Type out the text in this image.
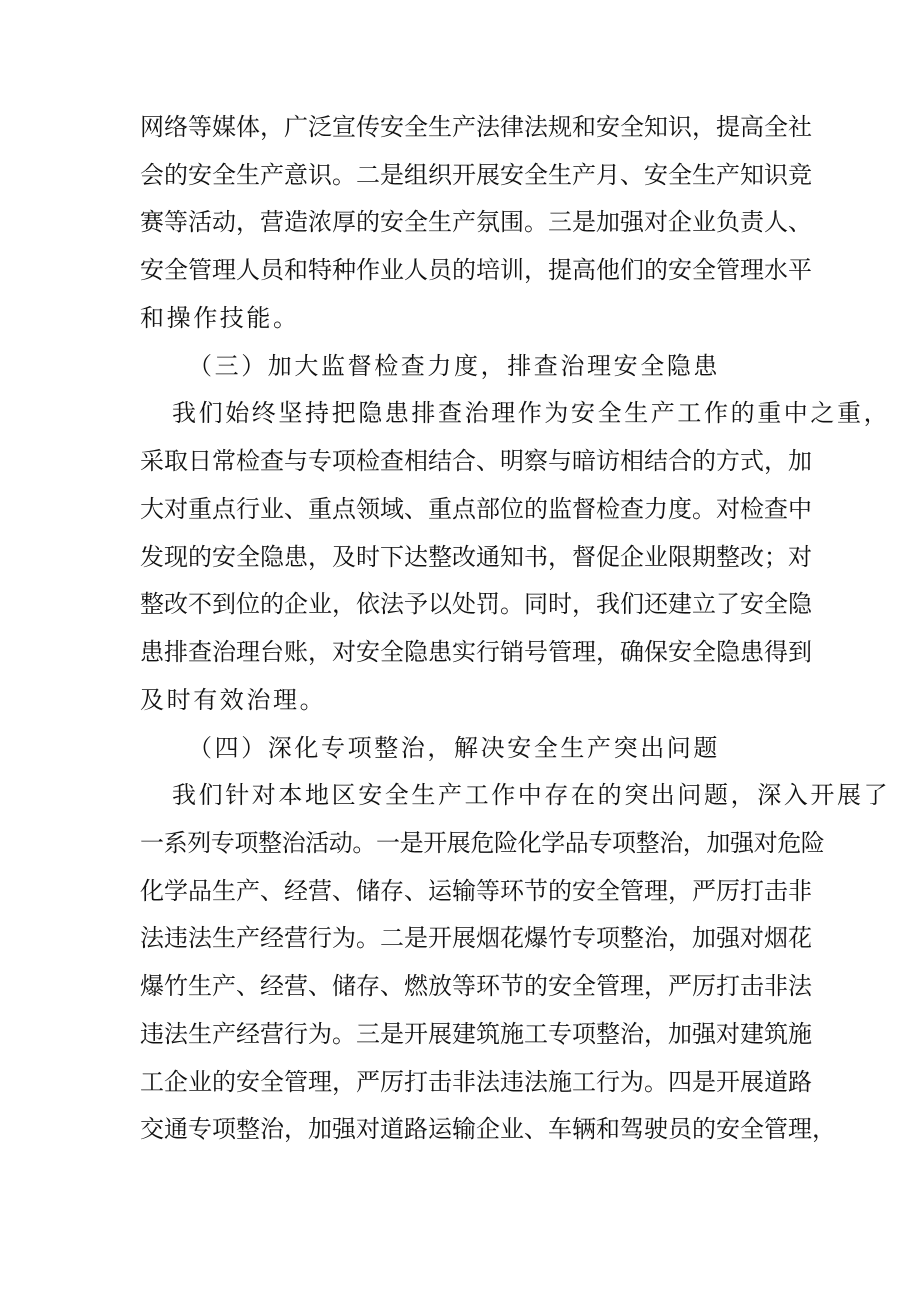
网络等媒体，广泛宣传安全生产法律法规和安全知识，提高全社
会的安全生产意识。二是组织开展安全生产月、安全生产知识竞
赛等活动，营造浓厚的安全生产氛围。三是加强对企业负责人、
安全管理人员和特种作业人员的培训，提高他们的安全管理水平
和操作技能。
（三）加大监督检查力度，排查治理安全隐患
我们始终坚持把隐患排查治理作为安全生产工作的重中之重，
采取日常检查与专项检查相结合、明察与暗访相结合的方式，加
大对重点行业、重点领域、重点部位的监督检查力度。对检查中
发现的安全隐患，及时下达整改通知书，督促企业限期整改；对
整改不到位的企业，依法予以处罚。同时，我们还建立了安全隐
患排查治理台账，对安全隐患实行销号管理，确保安全隐患得到
及时有效治理。
（四）深化专项整治，解决安全生产突出问题
我们针对本地区安全生产工作中存在的突出问题，深入开展了
一系列专项整治活动。一是开展危险化学品专项整治，加强对危险
化学品生产、经营、储存、运输等环节的安全管理，严厉打击非
法违法生产经营行为。二是开展烟花爆竹专项整治，加强对烟花
爆竹生产、经营、储存、燃放等环节的安全管理，严厉打击非法
违法生产经营行为。三是开展建筑施工专项整治，加强对建筑施
工企业的安全管理，严厉打击非法违法施工行为。四是开展道路
交通专项整治，加强对道路运输企业、车辆和驾驶员的安全管理，
